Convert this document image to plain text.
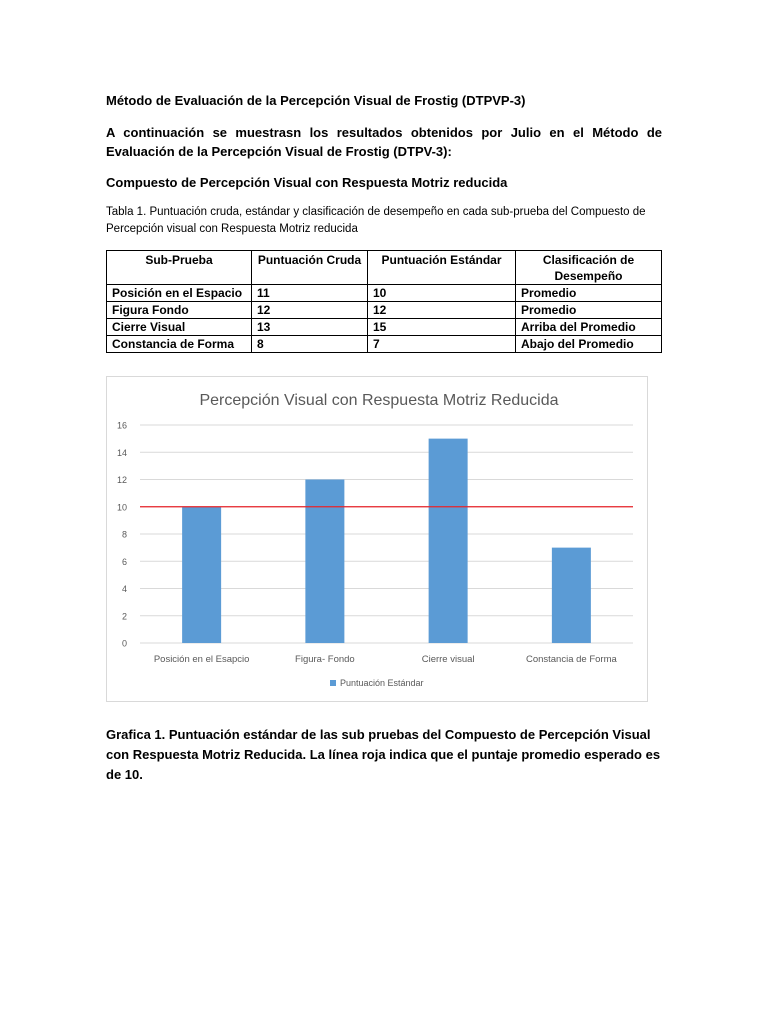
Método de Evaluación de la Percepción Visual de Frostig (DTPVP-3)

A continuación se muestrasn los resultados obtenidos por Julio en el Método de Evaluación de la Percepción Visual de Frostig (DTPV-3):

Compuesto de Percepción Visual con Respuesta Motriz reducida

Tabla 1. Puntuación cruda, estándar y clasificación de desempeño en cada sub-prueba del Compuesto de Percepción visual con Respuesta Motriz reducida

Sub-Prueba	Puntuación Cruda	Puntuación Estándar	Clasificación de Desempeño
Posición en el Espacio	11	10	Promedio
Figura Fondo	12	12	Promedio
Cierre Visual	13	15	Arriba del Promedio
Constancia de Forma	8	7	Abajo del Promedio
Percepción Visual con Respuesta Motriz Reducida
0
2
4
6
8
10
12
14
16
Posición en el Esapcio	Figura- Fondo	Cierre visual	Constancia de Forma
Puntuación Estándar

Grafica 1. Puntuación estándar de las sub pruebas del Compuesto de Percepción Visual con Respuesta Motriz Reducida. La línea roja indica que el puntaje promedio esperado es de 10.
